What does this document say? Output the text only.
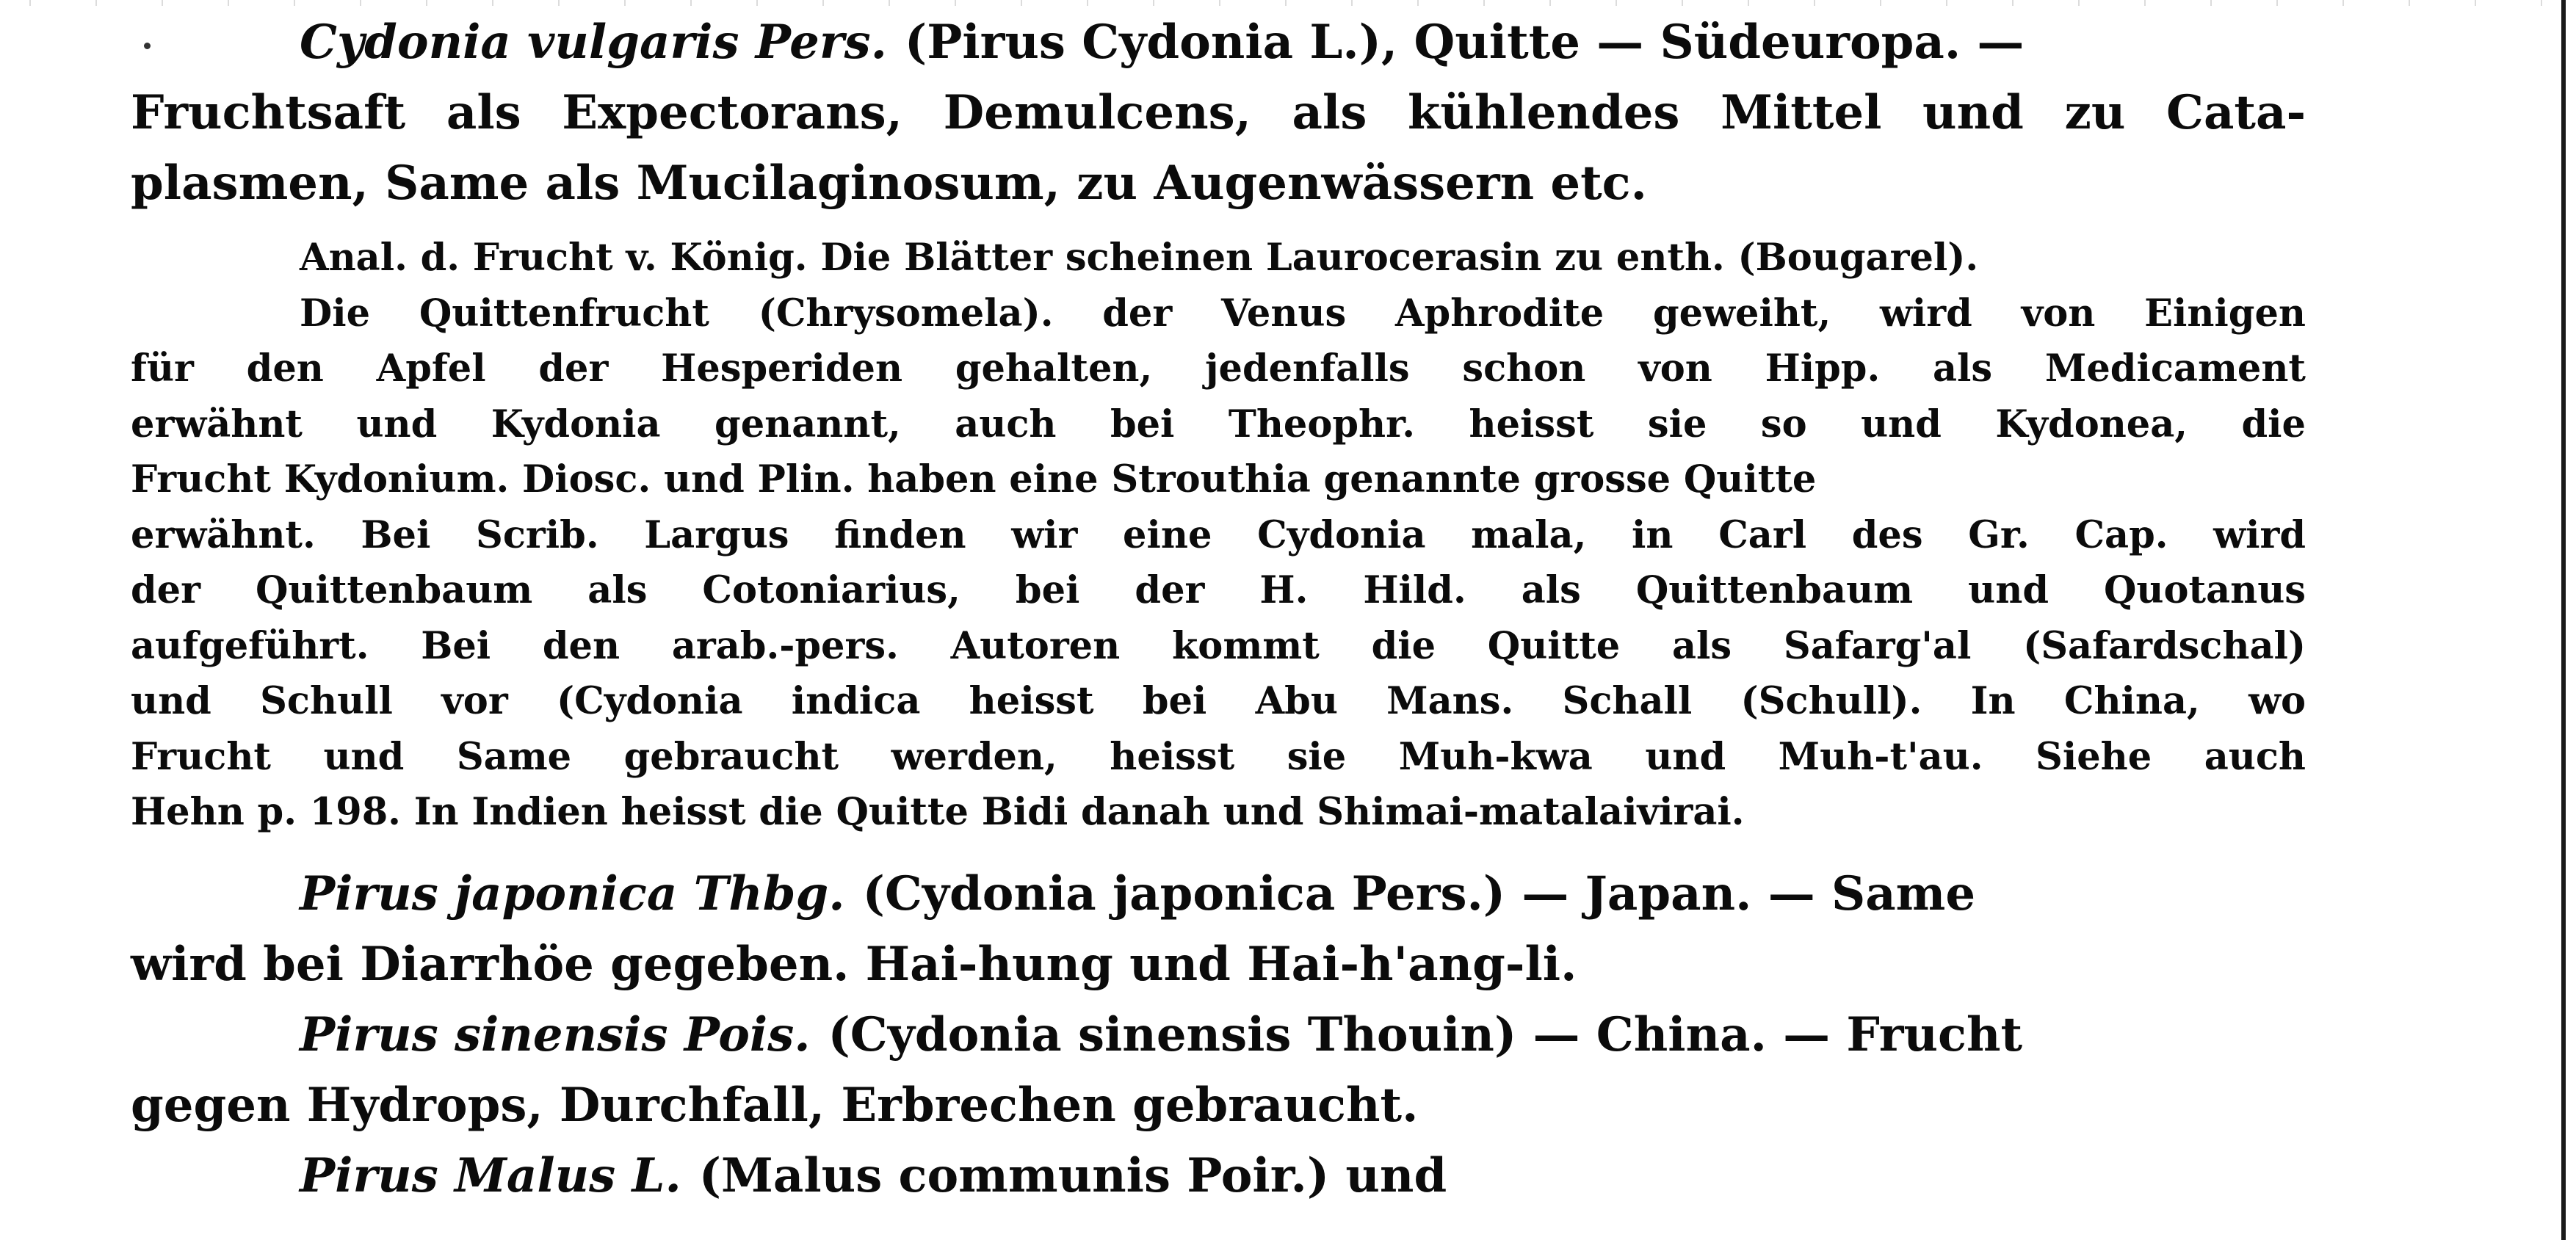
Cydonia vulgaris Pers. (Pirus Cydonia L.), Quitte — Südeuropa. —
Fruchtsaft als Expectorans, Demulcens, als kühlendes Mittel und zu Cata-
plasmen, Same als Mucilaginosum, zu Augenwässern etc.
Anal. d. Frucht v. König. Die Blätter scheinen Laurocerasin zu enth. (Bougarel).
Die Quittenfrucht (Chrysomela). der Venus Aphrodite geweiht, wird von Einigen
für den Apfel der Hesperiden gehalten, jedenfalls schon von Hipp. als Medicament
erwähnt und Kydonia genannt, auch bei Theophr. heisst sie so und Kydonea, die
Frucht Kydonium. Diosc. und Plin. haben eine Strouthia genannte grosse Quitte
erwähnt. Bei Scrib. Largus finden wir eine Cydonia mala, in Carl des Gr. Cap. wird
der Quittenbaum als Cotoniarius, bei der H. Hild. als Quittenbaum und Quotanus
aufgeführt. Bei den arab.-pers. Autoren kommt die Quitte als Safarg'al (Safardschal)
und Schull vor (Cydonia indica heisst bei Abu Mans. Schall (Schull). In China, wo
Frucht und Same gebraucht werden, heisst sie Muh-kwa und Muh-t'au. Siehe auch
Hehn p. 198. In Indien heisst die Quitte Bidi danah und Shimai-matalaivirai.
Pirus japonica Thbg. (Cydonia japonica Pers.) — Japan. — Same
wird bei Diarrhöe gegeben. Hai-hung und Hai-h'ang-li.
Pirus sinensis Pois. (Cydonia sinensis Thouin) — China. — Frucht
gegen Hydrops, Durchfall, Erbrechen gebraucht.
Pirus Malus L. (Malus communis Poir.) und
